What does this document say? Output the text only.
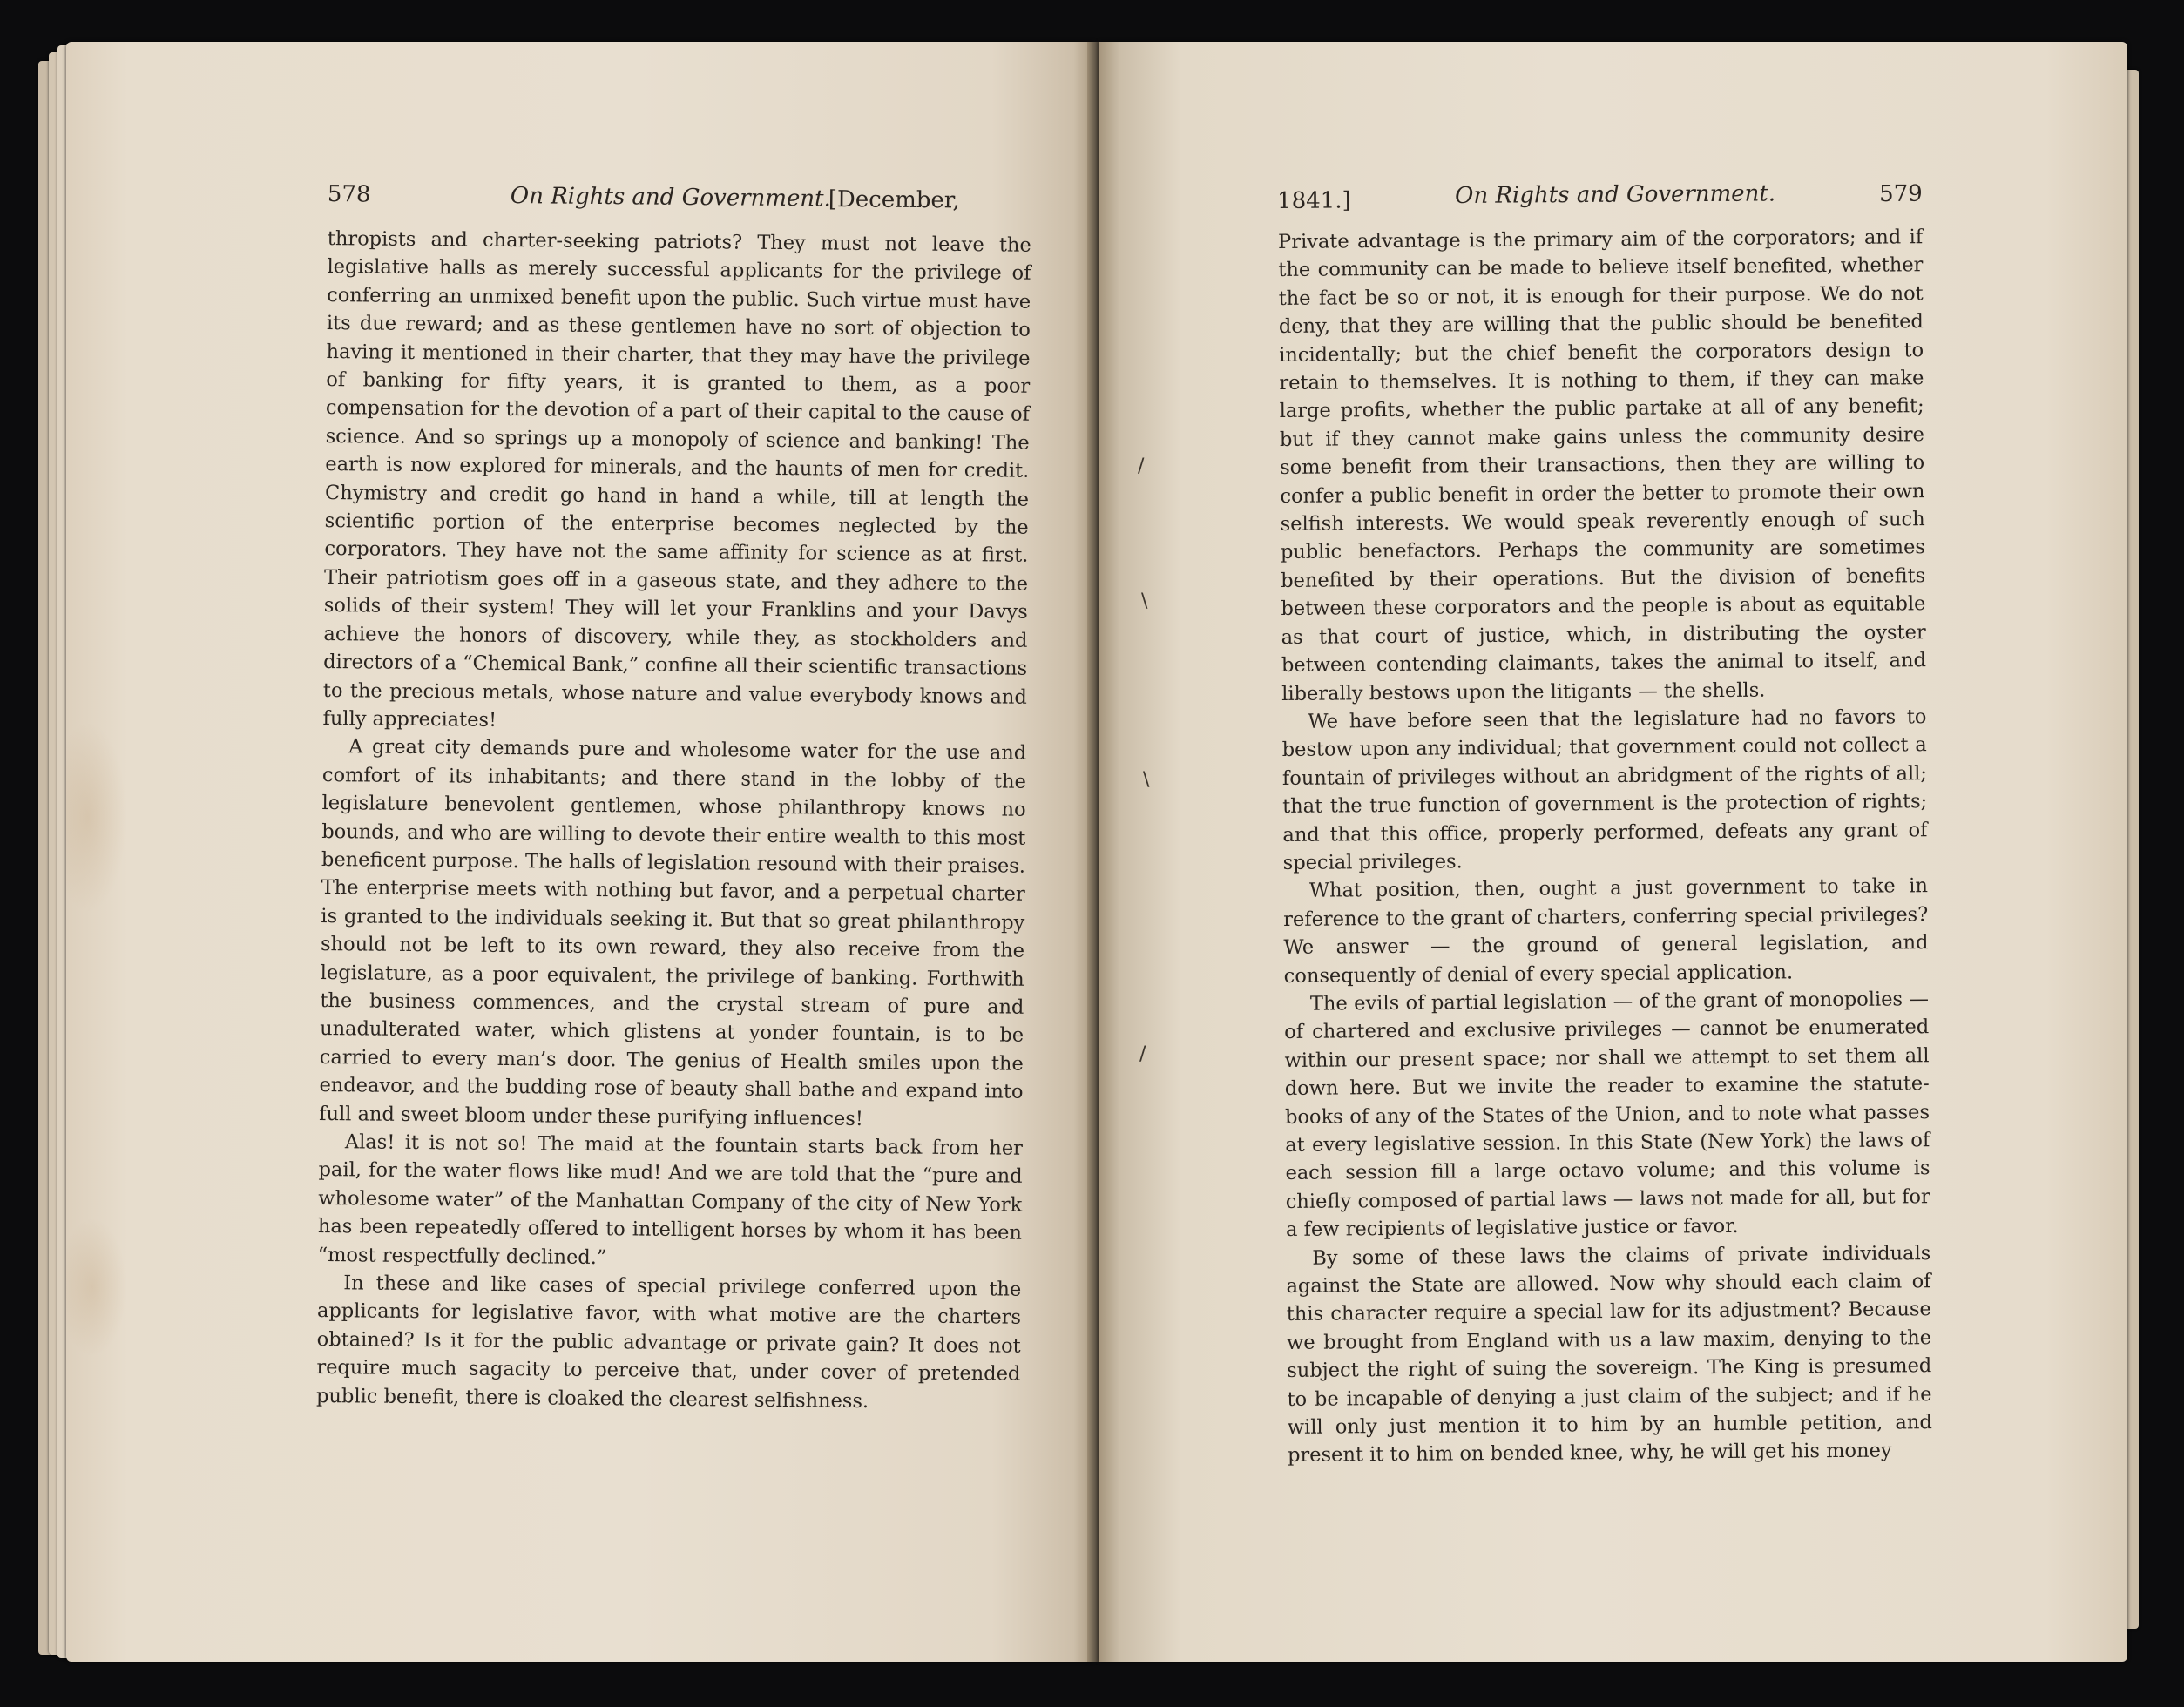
578	On Rights and Government.
[December,

thropists and charter-seeking patriots? They must not leave the legislative halls as merely successful applicants for the privilege of conferring an unmixed benefit upon the public. Such virtue must have its due reward; and as these gentlemen have no sort of objection to having it mentioned in their charter, that they may have the privilege of banking for fifty years, it is granted to them, as a poor compensation for the devotion of a part of their capital to the cause of science. And so springs up a monopoly of science and banking! The earth is now explored for minerals, and the haunts of men for credit. Chymistry and credit go hand in hand a while, till at length the scientific portion of the enterprise becomes neglected by the corporators. They have not the same affinity for science as at first. Their patriotism goes off in a gaseous state, and they adhere to the solids of their system! They will let your Franklins and your Davys achieve the honors of discovery, while they, as stockholders and directors of a “Chemical Bank,” confine all their scientific transactions to the precious metals, whose nature and value everybody knows and fully appreciates!

A great city demands pure and wholesome water for the use and comfort of its inhabitants; and there stand in the lobby of the legislature benevolent gentlemen, whose philanthropy knows no bounds, and who are willing to devote their entire wealth to this most beneficent purpose. The halls of legislation resound with their praises. The enterprise meets with nothing but favor, and a perpetual charter is granted to the individuals seeking it. But that so great philanthropy should not be left to its own reward, they also receive from the legislature, as a poor equivalent, the privilege of banking. Forthwith the business commences, and the crystal stream of pure and unadulterated water, which glistens at yonder fountain, is to be carried to every man’s door. The genius of Health smiles upon the endeavor, and the budding rose of beauty shall bathe and expand into full and sweet bloom under these purifying influences!

Alas! it is not so! The maid at the fountain starts back from her pail, for the water flows like mud! And we are told that the “pure and wholesome water” of the Manhattan Company of the city of New York has been repeatedly offered to intelligent horses by whom it has been “most respectfully declined.”

In these and like cases of special privilege conferred upon the applicants for legislative favor, with what motive are the charters obtained? Is it for the public advantage or private gain? It does not require much sagacity to perceive that, under cover of pretended public benefit, there is cloaked the clearest selfishness.

/
\
\
/
1841.]	On Rights and Government.	579

Private advantage is the primary aim of the corporators; and if the community can be made to believe itself benefited, whether the fact be so or not, it is enough for their purpose. We do not deny, that they are willing that the public should be benefited incidentally; but the chief benefit the corporators design to retain to themselves. It is nothing to them, if they can make large profits, whether the public partake at all of any benefit; but if they cannot make gains unless the community desire some benefit from their transactions, then they are willing to confer a public benefit in order the better to promote their own selfish interests. We would speak reverently enough of such public benefactors. Perhaps the community are sometimes benefited by their operations. But the division of benefits between these corporators and the people is about as equitable as that court of justice, which, in distributing the oyster between contending claimants, takes the animal to itself, and liberally bestows upon the litigants — the shells.

We have before seen that the legislature had no favors to bestow upon any individual; that government could not collect a fountain of privileges without an abridgment of the rights of all; that the true function of government is the protection of rights; and that this office, properly performed, defeats any grant of special privileges.

What position, then, ought a just government to take in reference to the grant of charters, conferring special privileges? We answer — the ground of general legislation, and consequently of denial of every special application.

The evils of partial legislation — of the grant of monopolies — of chartered and exclusive privileges — cannot be enumerated within our present space; nor shall we attempt to set them all down here. But we invite the reader to examine the statute-books of any of the States of the Union, and to note what passes at every legislative session. In this State (New York) the laws of each session fill a large octavo volume; and this volume is chiefly composed of partial laws — laws not made for all, but for a few recipients of legislative justice or favor.

By some of these laws the claims of private individuals against the State are allowed. Now why should each claim of this character require a special law for its adjustment? Because we brought from England with us a law maxim, denying to the subject the right of suing the sovereign. The King is presumed to be incapable of denying a just claim of the subject; and if he will only just mention it to him by an humble petition, and present it to him on bended knee, why, he will get his money
